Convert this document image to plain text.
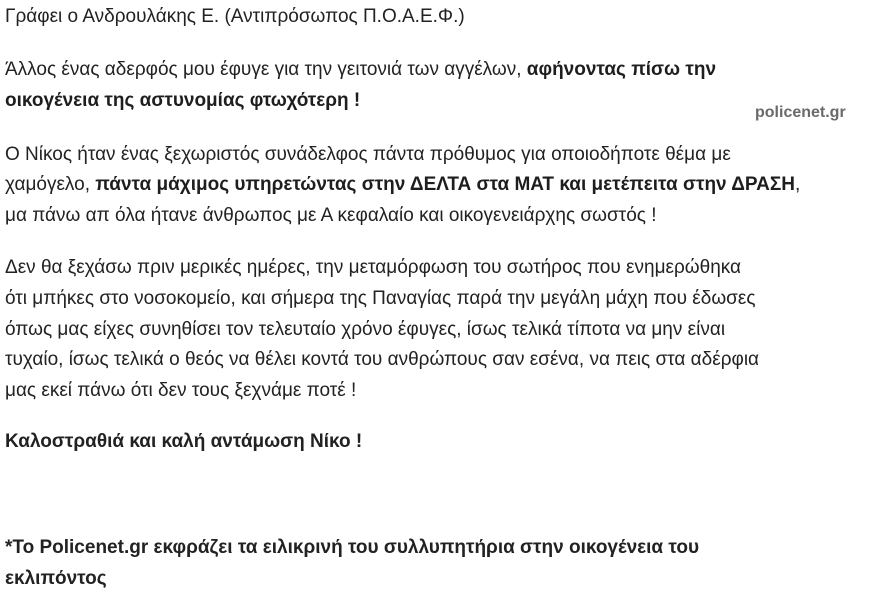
Γράφει ο Ανδρουλάκης Ε. (Αντιπρόσωπος Π.Ο.Α.Ε.Φ.)
Άλλος ένας αδερφός μου έφυγε για την γειτονιά των αγγέλων, αφήνοντας πίσω την
οικογένεια της αστυνομίας φτωχότερη !
policenet.gr
Ο Νίκος ήταν ένας ξεχωριστός συνάδελφος πάντα πρόθυμος για οποιοδήποτε θέμα με
χαμόγελο, πάντα μάχιμος υπηρετώντας στην ΔΕΛΤΑ στα ΜΑΤ και μετέπειτα στην ΔΡΑΣΗ,
μα πάνω απ όλα ήτανε άνθρωπος με Α κεφαλαίο και οικογενειάρχης σωστός !
Δεν θα ξεχάσω πριν μερικές ημέρες, την μεταμόρφωση του σωτήρος που ενημερώθηκα
ότι μπήκες στο νοσοκομείο, και σήμερα της Παναγίας παρά την μεγάλη μάχη που έδωσες
όπως μας είχες συνηθίσει τον τελευταίο χρόνο έφυγες, ίσως τελικά τίποτα να μην είναι
τυχαίο, ίσως τελικά ο θεός να θέλει κοντά του ανθρώπους σαν εσένα, να πεις στα αδέρφια
μας εκεί πάνω ότι δεν τους ξεχνάμε ποτέ !
Καλοστραθιά και καλή αντάμωση Νίκο !
*Το Policenet.gr εκφράζει τα ειλικρινή του συλλυπητήρια στην οικογένεια του
εκλιπόντος
